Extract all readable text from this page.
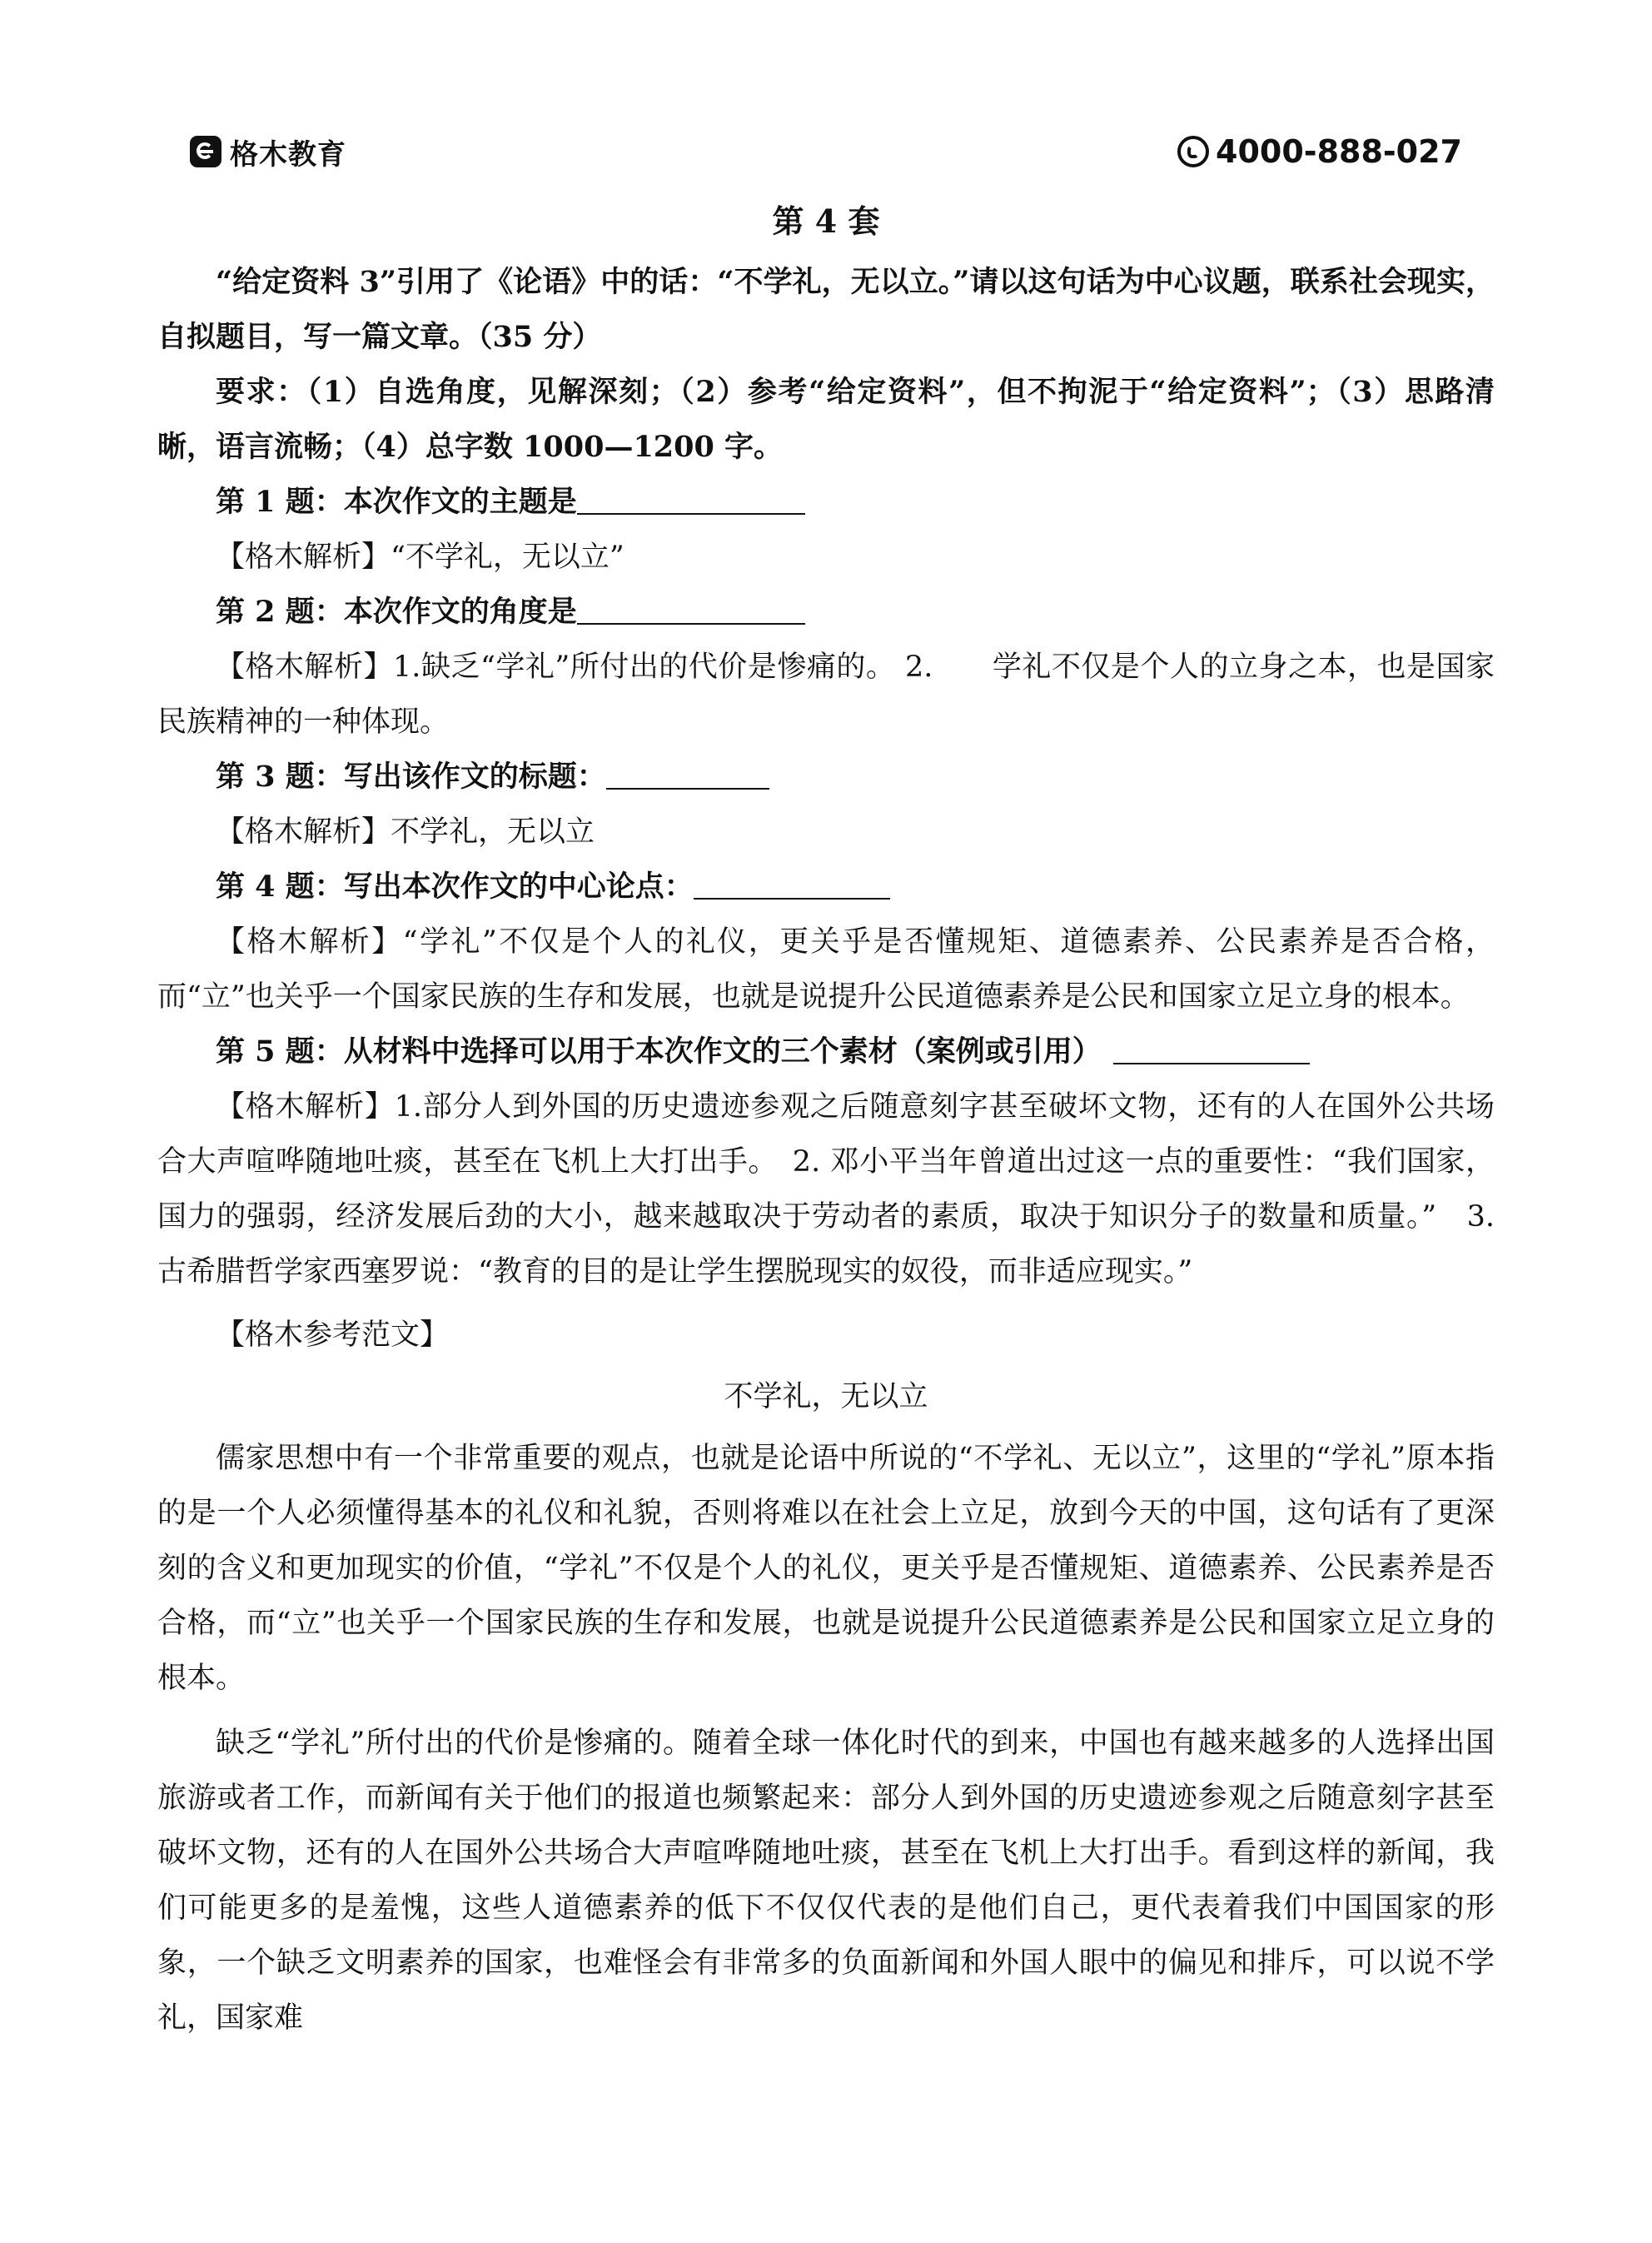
格木教育	4000-888-027
第 4 套

“给定资料 3”引用了《论语》中的话：“不学礼，无以立。”请以这句话为中心议题，联系社会现实，自拟题目，写一篇文章。（35 分）

要求：（1）自选角度，见解深刻；（2）参考“给定资料”，但不拘泥于“给定资料”；（3）思路清晰，语言流畅；（4）总字数 1000—1200 字。

第 1 题：本次作文的主题是

【格木解析】“不学礼，无以立”

第 2 题：本次作文的角度是

【格木解析】1.缺乏“学礼”所付出的代价是惨痛的。 2.　　学礼不仅是个人的立身之本，也是国家民族精神的一种体现。

第 3 题：写出该作文的标题：

【格木解析】不学礼，无以立

第 4 题：写出本次作文的中心论点：

【格木解析】“学礼”不仅是个人的礼仪，更关乎是否懂规矩、道德素养、公民素养是否合格，而“立”也关乎一个国家民族的生存和发展，也就是说提升公民道德素养是公民和国家立足立身的根本。

第 5 题：从材料中选择可以用于本次作文的三个素材（案例或引用）

【格木解析】1.部分人到外国的历史遗迹参观之后随意刻字甚至破坏文物，还有的人在国外公共场合大声喧哗随地吐痰，甚至在飞机上大打出手。　2. 邓小平当年曾道出过这一点的重要性：“我们国家，国力的强弱，经济发展后劲的大小，越来越取决于劳动者的素质，取决于知识分子的数量和质量。”　3. 古希腊哲学家西塞罗说：“教育的目的是让学生摆脱现实的奴役，而非适应现实。”

【格木参考范文】

不学礼，无以立

儒家思想中有一个非常重要的观点，也就是论语中所说的“不学礼、无以立”，这里的“学礼”原本指的是一个人必须懂得基本的礼仪和礼貌，否则将难以在社会上立足，放到今天的中国，这句话有了更深刻的含义和更加现实的价值，“学礼”不仅是个人的礼仪，更关乎是否懂规矩、道德素养、公民素养是否合格，而“立”也关乎一个国家民族的生存和发展，也就是说提升公民道德素养是公民和国家立足立身的根本。

缺乏“学礼”所付出的代价是惨痛的。随着全球一体化时代的到来，中国也有越来越多的人选择出国旅游或者工作，而新闻有关于他们的报道也频繁起来：部分人到外国的历史遗迹参观之后随意刻字甚至破坏文物，还有的人在国外公共场合大声喧哗随地吐痰，甚至在飞机上大打出手。看到这样的新闻，我们可能更多的是羞愧，这些人道德素养的低下不仅仅代表的是他们自己，更代表着我们中国国家的形象，一个缺乏文明素养的国家，也难怪会有非常多的负面新闻和外国人眼中的偏见和排斥，可以说不学礼，国家难
